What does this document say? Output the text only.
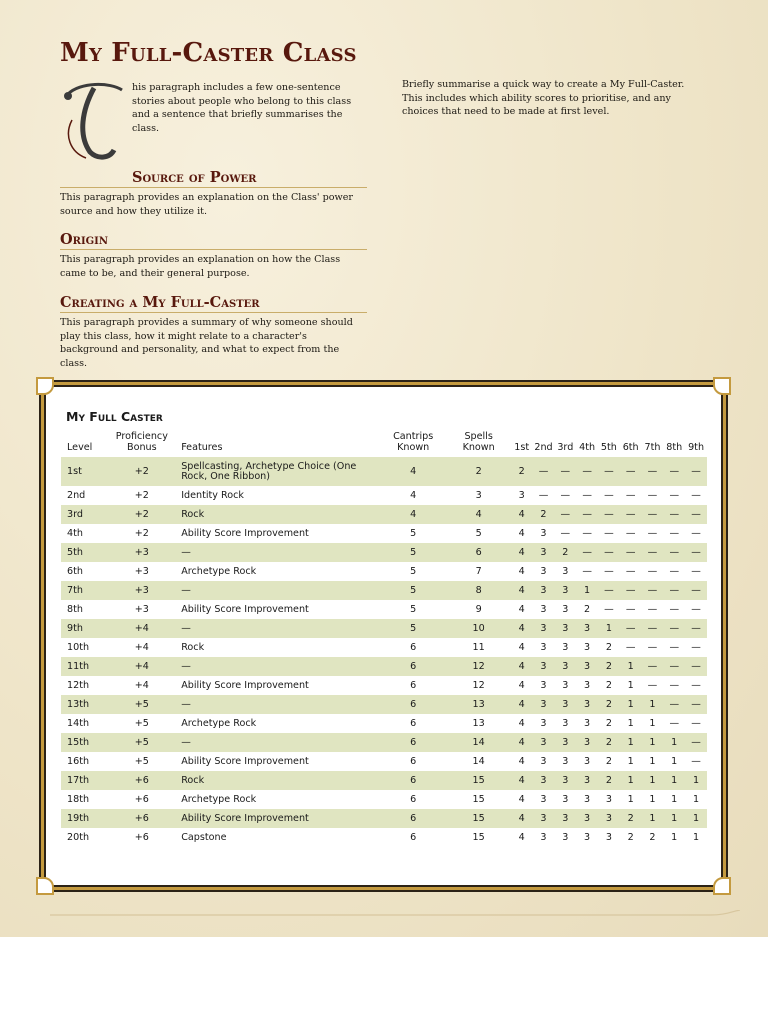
My Full-Caster Class

his paragraph includes a few one-sentence stories about people who belong to this class and a sentence that briefly summarises the class.

Source of Power

This paragraph provides an explanation on the Class' power source and how they utilize it.

Origin

This paragraph provides an explanation on how the Class came to be, and their general purpose.

Creating a My Full-Caster

This paragraph provides a summary of why someone should play this class, how it might relate to a character's background and personality, and what to expect from the class.

Briefly summarise a quick way to create a My Full-Caster. This includes which ability scores to prioritise, and any choices that need to be made at first level.

My Full Caster
Level	Proficiency Bonus	Features	Cantrips Known	Spells Known	1st	2nd	3rd	4th	5th	6th	7th	8th	9th
1st	+2	Spellcasting, Archetype Choice (One Rock, One Ribbon)	4	2	2	—	—	—	—	—	—	—	—
2nd	+2	Identity Rock	4	3	3	—	—	—	—	—	—	—	—
3rd	+2	Rock	4	4	4	2	—	—	—	—	—	—	—
4th	+2	Ability Score Improvement	5	5	4	3	—	—	—	—	—	—	—
5th	+3	—	5	6	4	3	2	—	—	—	—	—	—
6th	+3	Archetype Rock	5	7	4	3	3	—	—	—	—	—	—
7th	+3	—	5	8	4	3	3	1	—	—	—	—	—
8th	+3	Ability Score Improvement	5	9	4	3	3	2	—	—	—	—	—
9th	+4	—	5	10	4	3	3	3	1	—	—	—	—
10th	+4	Rock	6	11	4	3	3	3	2	—	—	—	—
11th	+4	—	6	12	4	3	3	3	2	1	—	—	—
12th	+4	Ability Score Improvement	6	12	4	3	3	3	2	1	—	—	—
13th	+5	—	6	13	4	3	3	3	2	1	1	—	—
14th	+5	Archetype Rock	6	13	4	3	3	3	2	1	1	—	—
15th	+5	—	6	14	4	3	3	3	2	1	1	1	—
16th	+5	Ability Score Improvement	6	14	4	3	3	3	2	1	1	1	—
17th	+6	Rock	6	15	4	3	3	3	2	1	1	1	1
18th	+6	Archetype Rock	6	15	4	3	3	3	3	1	1	1	1
19th	+6	Ability Score Improvement	6	15	4	3	3	3	3	2	1	1	1
20th	+6	Capstone	6	15	4	3	3	3	3	2	2	1	1
